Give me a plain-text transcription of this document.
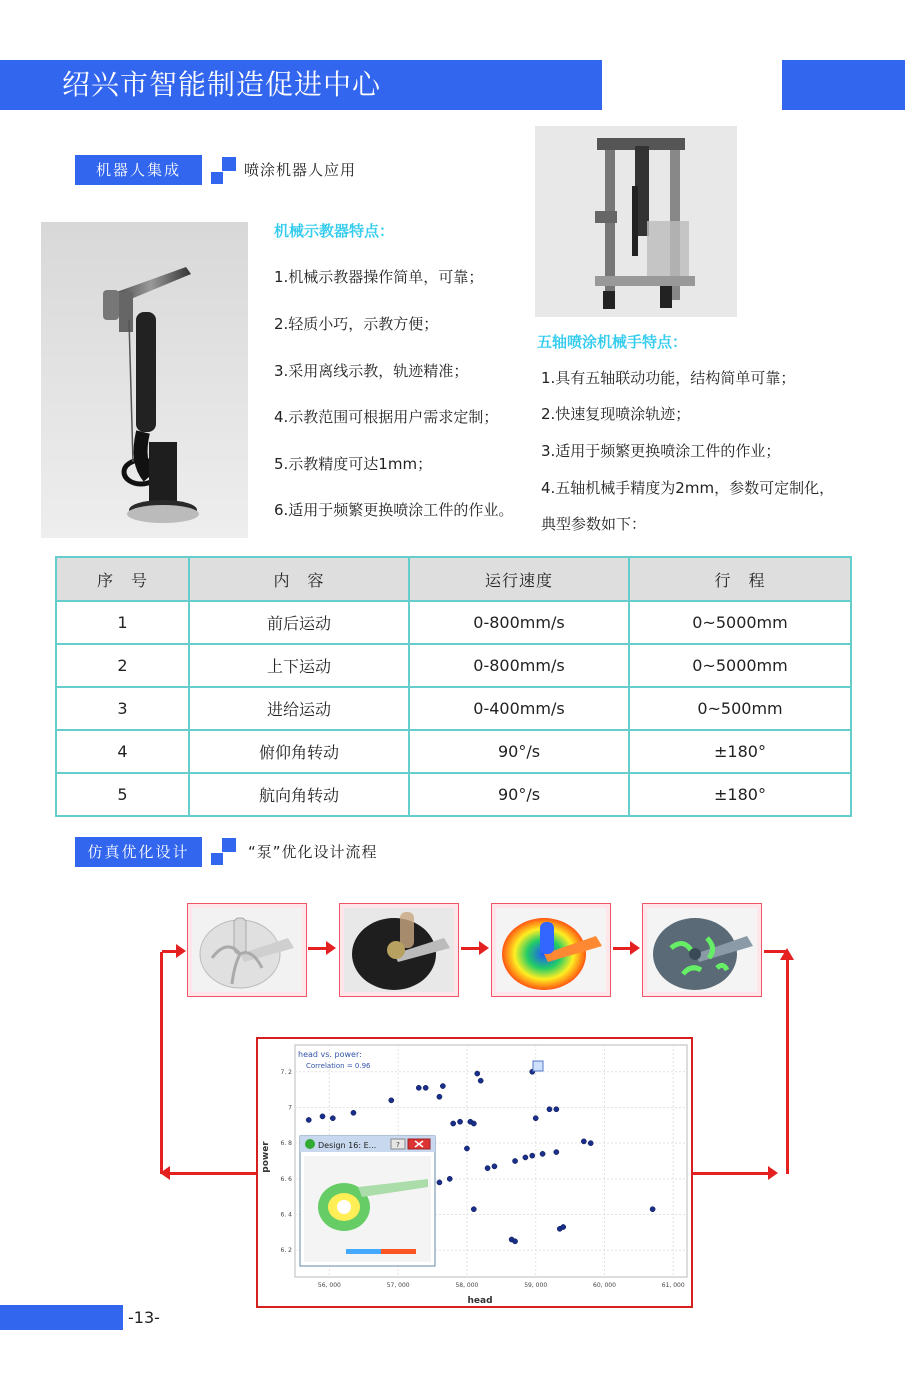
绍兴市智能制造促进中心
机器人集成	喷涂机器人应用
机械示教器特点：
1.机械示教器操作简单，可靠；
2.轻质小巧，示教方便；
3.采用离线示教，轨迹精准；
4.示教范围可根据用户需求定制；
5.示教精度可达1mm；
6.适用于频繁更换喷涂工件的作业。
五轴喷涂机械手特点：
1.具有五轴联动功能，结构简单可靠；
2.快速复现喷涂轨迹；
3.适用于频繁更换喷涂工件的作业；
4.五轴机械手精度为2mm，参数可定制化，
典型参数如下：
序　号	内　容	运行速度	行　程
1	前后运动	0-800mm/s	0~5000mm
2	上下运动	0-800mm/s	0~5000mm
3	进给运动	0-400mm/s	0~500mm
4	俯仰角转动	90°/s	±180°
5	航向角转动	90°/s	±180°
仿真优化设计	“泵”优化设计流程
56, 000	57, 000	58, 000	59, 000	60, 000	61, 000
6. 2
6. 4
6. 6
6. 8
7
7. 2
head vs. power:
Correlation = 0.96
head
power	Design 16: E...	?
-13-
